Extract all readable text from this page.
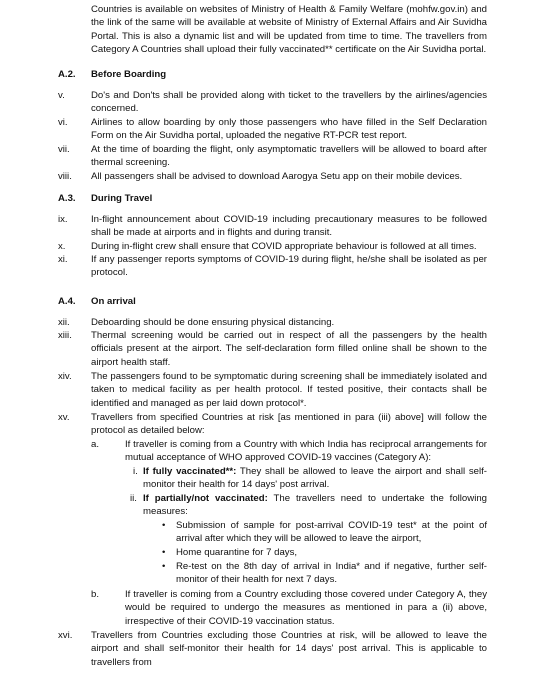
Countries is available on websites of Ministry of Health & Family Welfare (mohfw.gov.in) and the link of the same will be available at website of Ministry of External Affairs and Air Suvidha Portal. This is also a dynamic list and will be updated from time to time. The travellers from Category A Countries shall upload their fully vaccinated** certificate on the Air Suvidha portal.
A.2. Before Boarding
v.	Do's and Don'ts shall be provided along with ticket to the travellers by the airlines/agencies concerned.
vi. Airlines to allow boarding by only those passengers who have filled in the Self Declaration Form on the Air Suvidha portal, uploaded the negative RT-PCR test report.
vii. At the time of boarding the flight, only asymptomatic travellers will be allowed to board after thermal screening.
viii. All passengers shall be advised to download Aarogya Setu app on their mobile devices.
A.3. During Travel
ix. In-flight announcement about COVID-19 including precautionary measures to be followed shall be made at airports and in flights and during transit.
x.	During in-flight crew shall ensure that COVID appropriate behaviour is followed at all times.
xi. If any passenger reports symptoms of COVID-19 during flight, he/she shall be isolated as per protocol.
A.4. On arrival
xii. Deboarding should be done ensuring physical distancing.
xiii. Thermal screening would be carried out in respect of all the passengers by the health officials present at the airport. The self-declaration form filled online shall be shown to the airport health staff.
xiv. The passengers found to be symptomatic during screening shall be immediately isolated and taken to medical facility as per health protocol. If tested positive, their contacts shall be identified and managed as per laid down protocol*.
xv. Travellers from specified Countries at risk [as mentioned in para (iii) above] will follow the protocol as detailed below:
a.	If traveller is coming from a Country with which India has reciprocal arrangements for mutual acceptance of WHO approved COVID-19 vaccines (Category A):
i. If fully vaccinated**: They shall be allowed to leave the airport and shall self-monitor their health for 14 days' post arrival.
ii. If partially/not vaccinated: The travellers need to undertake the following measures:
• Submission of sample for post-arrival COVID-19 test* at the point of arrival after which they will be allowed to leave the airport,
• Home quarantine for 7 days,
• Re-test on the 8th day of arrival in India* and if negative, further self-monitor of their health for next 7 days.
b.	If traveller is coming from a Country excluding those covered under Category A, they would be required to undergo the measures as mentioned in para a (ii) above, irrespective of their COVID-19 vaccination status.
xvi. Travellers from Countries excluding those Countries at risk, will be allowed to leave the airport and shall self-monitor their health for 14 days' post arrival. This is applicable to travellers from
